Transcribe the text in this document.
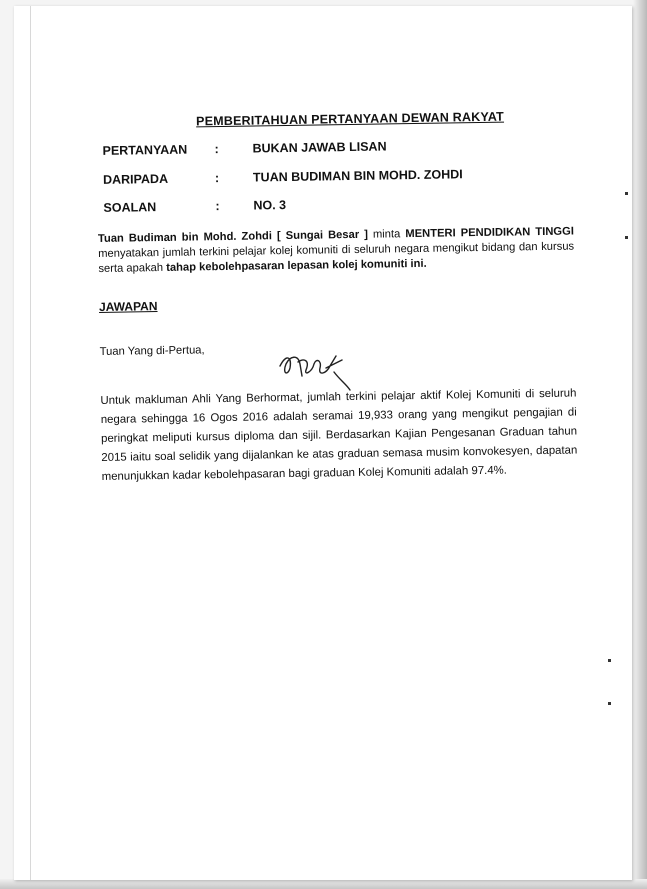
PEMBERITAHUAN PERTANYAAN DEWAN RAKYAT
PERTANYAAN :	BUKAN JAWAB LISAN
DARIPADA	:	TUAN BUDIMAN BIN MOHD. ZOHDI
SOALAN	:	NO. 3
Tuan Budiman bin Mohd. Zohdi [ Sungai Besar ] minta MENTERI PENDIDIKAN TINGGI menyatakan jumlah terkini pelajar kolej komuniti di seluruh negara mengikut bidang dan kursus serta apakah tahap kebolehpasaran lepasan kolej komuniti ini.
JAWAPAN
Tuan Yang di-Pertua,
Untuk makluman Ahli Yang Berhormat, jumlah terkini pelajar aktif Kolej Komuniti di seluruh negara sehingga 16 Ogos 2016 adalah seramai 19,933 orang yang mengikut pengajian di peringkat meliputi kursus diploma dan sijil. Berdasarkan Kajian Pengesanan Graduan tahun 2015 iaitu soal selidik yang dijalankan ke atas graduan semasa musim konvokesyen, dapatan menunjukkan kadar kebolehpasaran bagi graduan Kolej Komuniti adalah 97.4%.
